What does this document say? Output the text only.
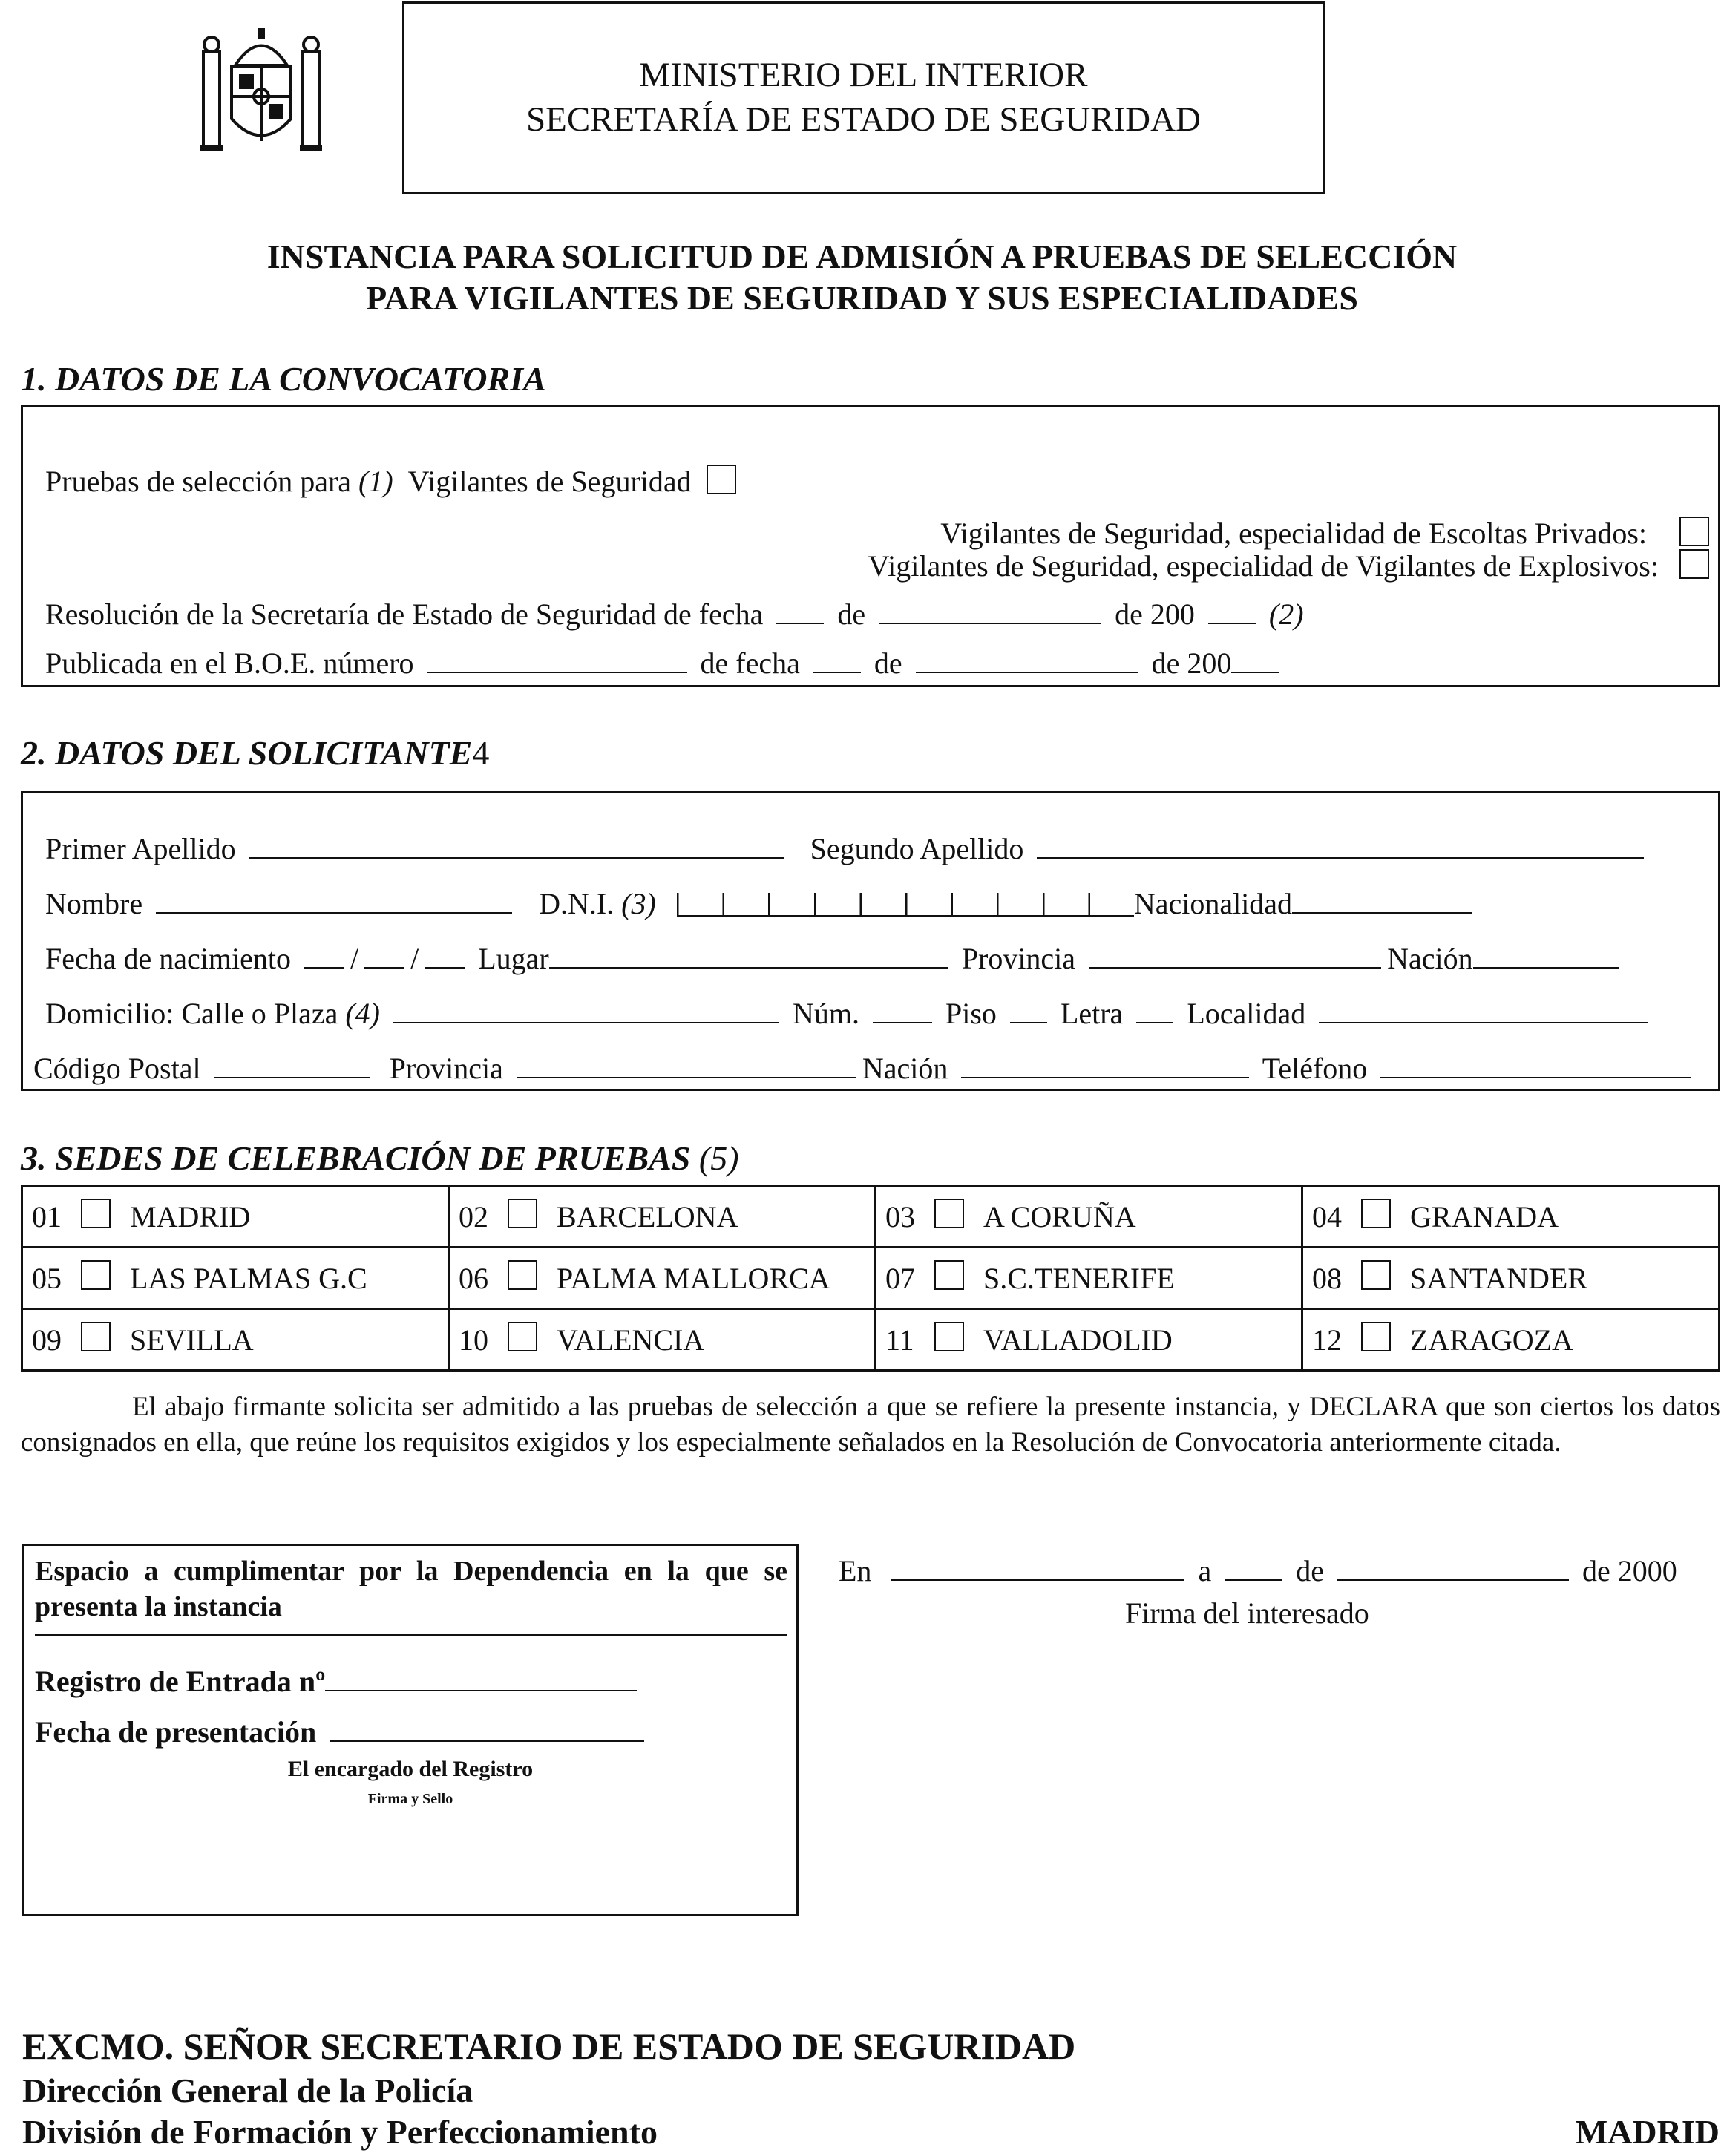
MINISTERIO DEL INTERIOR
SECRETARÍA DE ESTADO DE SEGURIDAD
INSTANCIA PARA SOLICITUD DE ADMISIÓN A PRUEBAS DE SELECCIÓN
PARA VIGILANTES DE SEGURIDAD Y SUS ESPECIALIDADES
1. DATOS DE LA CONVOCATORIA
Pruebas de selección para (1) Vigilantes de Seguridad
Vigilantes de Seguridad, especialidad de Escoltas Privados:
Vigilantes de Seguridad, especialidad de Vigilantes de Explosivos:
Resolución de la Secretaría de Estado de Seguridad de fecha	de	de 200	(2)
Publicada en el B.O.E. número	de fecha	de	de 200
2. DATOS DEL SOLICITANTE4
Primer Apellido	Segundo Apellido
Nombre	D.N.I. (3)	Nacionalidad
Fecha de nacimiento / / Lugar	Provincia	Nación
Domicilio: Calle o Plaza (4)	Núm.	Piso Letra Localidad
Código Postal	Provincia	Nación	Teléfono
3. SEDES DE CELEBRACIÓN DE PRUEBAS (5)
01 MADRID	02 BARCELONA	03 A CORUÑA	04 GRANADA
05 LAS PALMAS G.C	06 PALMA MALLORCA	07 S.C.TENERIFE	08 SANTANDER
09 SEVILLA	10 VALENCIA	11 VALLADOLID	12 ZARAGOZA
El abajo firmante solicita ser admitido a las pruebas de selección a que se refiere la presente instancia, y DECLARA que son ciertos los datos consignados en ella, que reúne los requisitos exigidos y los especialmente señalados en la Resolución de Convocatoria anteriormente citada.
Espacio a cumplimentar por la Dependencia en la que se presenta la instancia
Registro de Entrada nº
Fecha de presentación
El encargado del Registro
Firma y Sello
En	a	de	de 2000
Firma del interesado
EXCMO. SEÑOR SECRETARIO DE ESTADO DE SEGURIDAD
Dirección General de la Policía
División de Formación y Perfeccionamiento	MADRID
